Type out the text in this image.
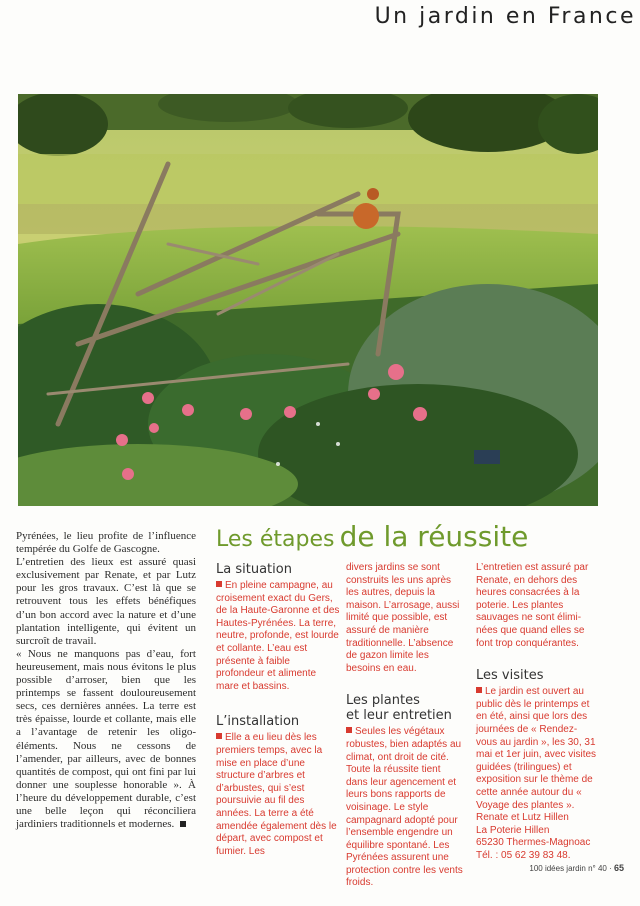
Un jardin en France

Pyrénées, le lieu profite de l’influence tempérée du Golfe de Gascogne.

L’entretien des lieux est assuré quasi exclusivement par Renate, et par Lutz pour les gros travaux. C’est là que se retrouvent tous les effets bénéfiques d’un bon accord avec la nature et d’une plantation intelligente, qui évitent un surcroît de travail.

« Nous ne manquons pas d’eau, fort heureusement, mais nous évitons le plus possible d’arroser, bien que les printemps se fassent douloureusement secs, ces dernières années. La terre est très épaisse, lourde et collante, mais elle a l’avantage de retenir les oligo-éléments. Nous ne cessons de l’amender, par ailleurs, avec de bonnes quantités de compost, qui ont fini par lui donner une souplesse honorable ». À l’heure du développement durable, c’est une belle leçon qui réconciliera jardiniers traditionnels et modernes.

Les étapes de la réussite
La situation

En pleine campagne, au croisement exact du Gers, de la Haute-Garonne et des Hautes-Pyrénées. La terre, neutre, profonde, est lourde et collante. L’eau est présente à faible profondeur et alimente mare et bassins.

L’installation

Elle a eu lieu dès les premiers temps, avec la mise en place d’une structure d’arbres et d’arbustes, qui s’est poursuivie au fil des années. La terre a été amendée également dès le départ, avec compost et fumier. Les

divers jardins se sont construits les uns après les autres, depuis la maison. L’arrosage, aussi limité que possible, est assuré de manière traditionnelle. L’absence de gazon limite les besoins en eau.

Les plantes
et leur entretien

Seules les végétaux robustes, bien adaptés au climat, ont droit de cité. Toute la réussite tient dans leur agencement et leurs bons rapports de voisinage. Le style campagnard adopté pour l’ensemble engendre un équilibre spontané. Les Pyrénées assurent une protection contre les vents froids.

L’entretien est assuré par Renate, en dehors des heures consacrées à la poterie. Les plantes sauvages ne sont élimi-nées que quand elles se font trop conquérantes.

Les visites

Le jardin est ouvert au public dès le printemps et en été, ainsi que lors des journées de « Rendez-vous au jardin », les 30, 31 mai et 1er juin, avec visites guidées (trilingues) et exposition sur le thème de cette année autour du « Voyage des plantes ».

Renate et Lutz Hillen
La Poterie Hillen
65230 Thermes-Magnoac
Tél. : 05 62 39 83 48.

100 idées jardin n° 40 · 65
